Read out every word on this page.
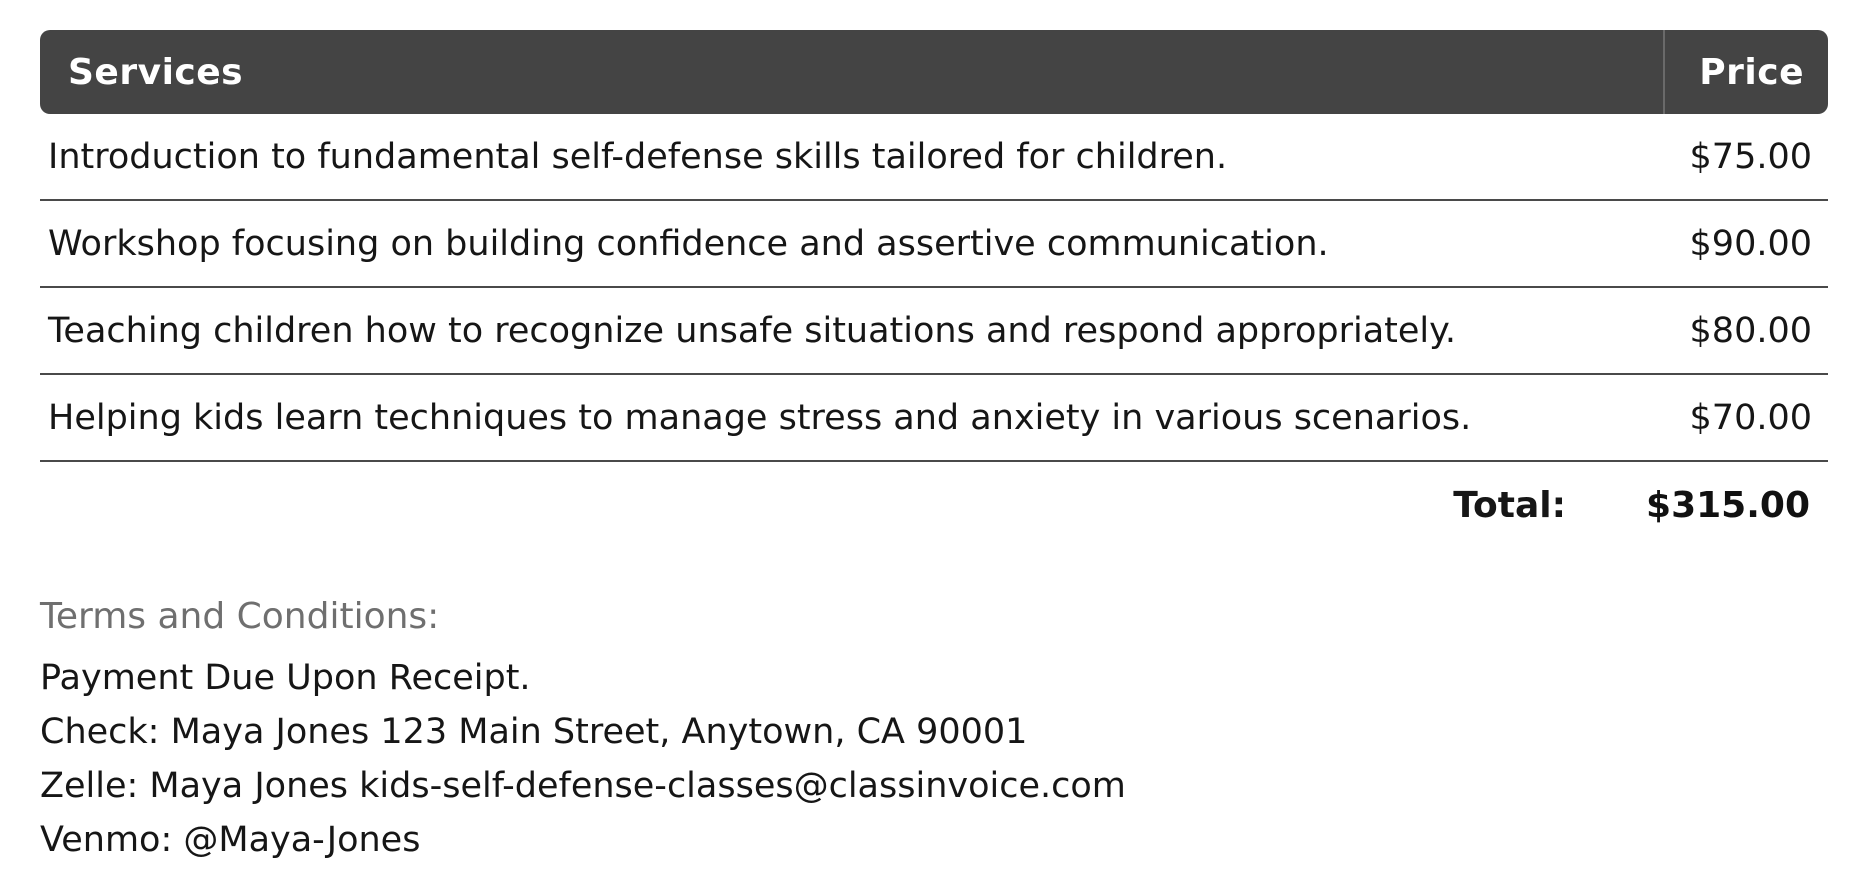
Services	Price
Introduction to fundamental self-defense skills tailored for children.	$75.00
Workshop focusing on building confidence and assertive communication.	$90.00
Teaching children how to recognize unsafe situations and respond appropriately.	$80.00
Helping kids learn techniques to manage stress and anxiety in various scenarios.	$70.00
Total:	$315.00
Terms and Conditions:
Payment Due Upon Receipt.
Check: Maya Jones 123 Main Street, Anytown, CA 90001
Zelle: Maya Jones kids-self-defense-classes@classinvoice.com
Venmo: @Maya-Jones
